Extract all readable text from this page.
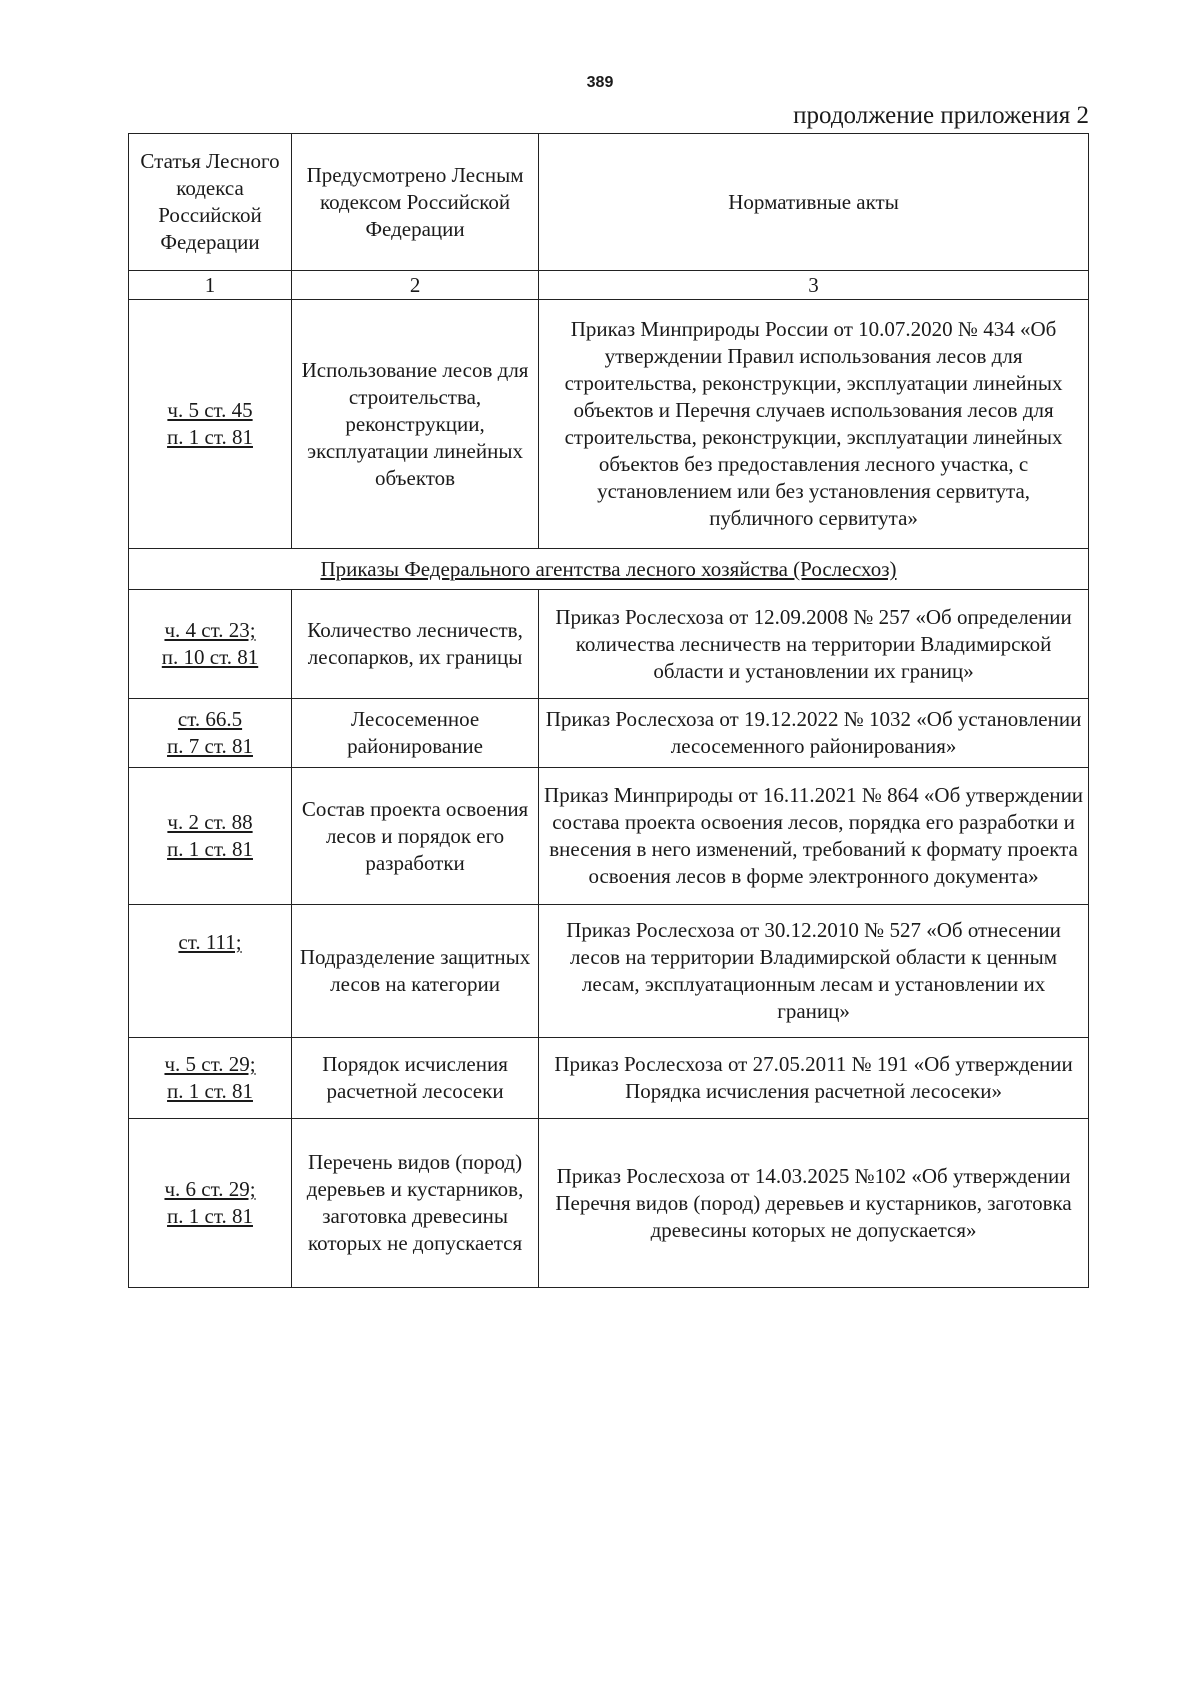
389
продолжение приложения 2
Статья Лесного кодекса Российской Федерации	Предусмотрено Лесным кодексом Российской Федерации	Нормативные акты
1	2	3

ч. 5 ст. 45
п. 1 ст. 81	Использование лесов для строительства, реконструкции, эксплуатации линейных объектов	Приказ Минприроды России от 10.07.2020 № 434 «Об утверждении Правил использования лесов для строительства, реконструкции, эксплуатации линейных объектов и Перечня случаев использования лесов для строительства, реконструкции, эксплуатации линейных объектов без предоставления лесного участка, с установлением или без установления сервитута, публичного сервитута»
Приказы Федерального агентства лесного хозяйства (Рослесхоз)		

ч. 4 ст. 23;
п. 10 ст. 81	Количество лесничеств, лесопарков, их границы	Приказ Рослесхоза от 12.09.2008 № 257 «Об определении количества лесничеств на территории Владимирской области и установлении их границ»

ст. 66.5
п. 7 ст. 81	Лесосеменное районирование	Приказ Рослесхоза от 19.12.2022 № 1032 «Об установлении лесосеменного районирования»

ч. 2 ст. 88
п. 1 ст. 81	Состав проекта освоения лесов и порядок его разработки	Приказ Минприроды от 16.11.2021 № 864 «Об утверждении состава проекта освоения лесов, порядка его разработки и внесения в него изменений, требований к формату проекта освоения лесов в форме электронного документа»

ст. 111;	Подразделение защитных лесов на категории	Приказ Рослесхоза от 30.12.2010 № 527 «Об отнесении лесов на территории Владимирской области к ценным лесам, эксплуатационным лесам и установлении их границ»

ч. 5 ст. 29;
п. 1 ст. 81	Порядок исчисления расчетной лесосеки	Приказ Рослесхоза от 27.05.2011 № 191 «Об утверждении Порядка исчисления расчетной лесосеки»

ч. 6 ст. 29;
п. 1 ст. 81	Перечень видов (пород) деревьев и кустарников, заготовка древесины которых не допускается	Приказ Рослесхоза от 14.03.2025 №102 «Об утверждении Перечня видов (пород) деревьев и кустарников, заготовка древесины которых не допускается»
